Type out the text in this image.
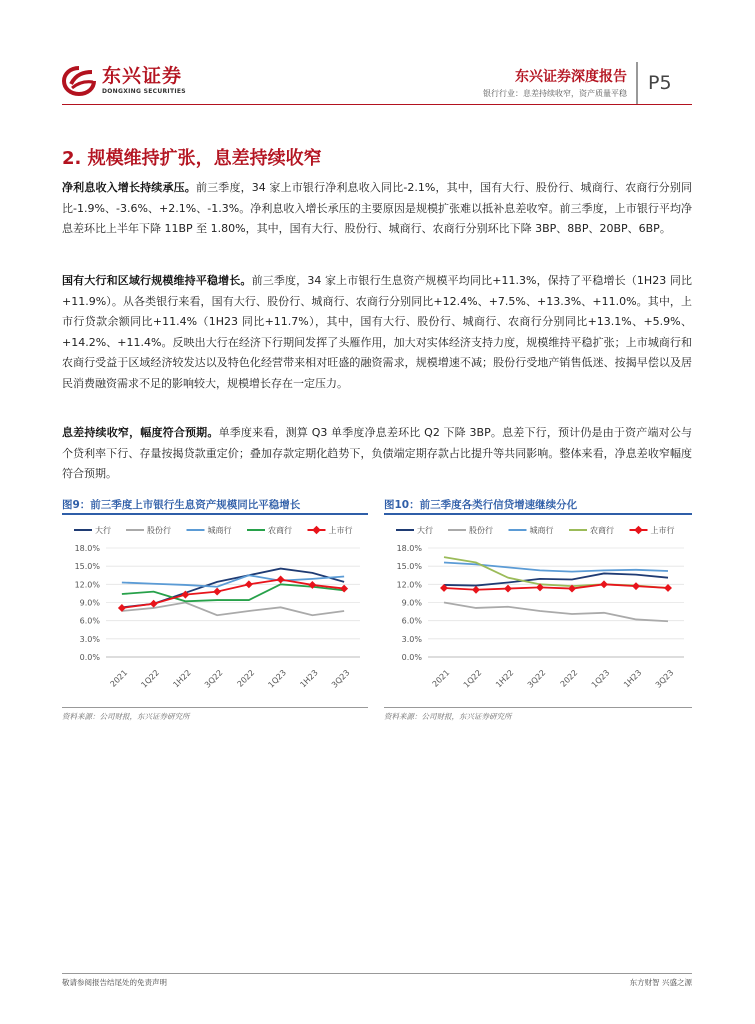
东兴证券
DONGXING SECURITIES
东兴证券深度报告
银行行业：息差持续收窄，资产质量平稳 P5
2. 规模维持扩张，息差持续收窄
净利息收入增长持续承压。前三季度，34 家上市银行净利息收入同比-2.1%，其中，国有大行、股份行、城商行、农商行分别同比-1.9%、-3.6%、+2.1%、-1.3%。净利息收入增长承压的主要原因是规模扩张难以抵补息差收窄。前三季度，上市银行平均净息差环比上半年下降 11BP 至 1.80%，其中，国有大行、股份行、城商行、农商行分别环比下降 3BP、8BP、20BP、6BP。
国有大行和区域行规模维持平稳增长。前三季度，34 家上市银行生息资产规模平均同比+11.3%，保持了平稳增长（1H23 同比+11.9%）。从各类银行来看，国有大行、股份行、城商行、农商行分别同比+12.4%、+7.5%、+13.3%、+11.0%。其中，上市行贷款余额同比+11.4%（1H23 同比+11.7%），其中，国有大行、股份行、城商行、农商行分别同比+13.1%、+5.9%、+14.2%、+11.4%。反映出大行在经济下行期间发挥了头雁作用，加大对实体经济支持力度，规模维持平稳扩张；上市城商行和农商行受益于区域经济较发达以及特色化经营带来相对旺盛的融资需求，规模增速不减；股份行受地产销售低迷、按揭早偿以及居民消费融资需求不足的影响较大，规模增长存在一定压力。
息差持续收窄，幅度符合预期。单季度来看，测算 Q3 单季度净息差环比 Q2 下降 3BP。息差下行，预计仍是由于资产端对公与个贷利率下行、存量按揭贷款重定价；叠加存款定期化趋势下，负债端定期存款占比提升等共同影响。整体来看，净息差收窄幅度符合预期。
图9：前三季度上市银行生息资产规模同比平稳增长
大行	股份行	城商行	农商行	上市行
0.0%
3.0%
6.0%
9.0%
12.0%
15.0%
18.0%
2021 1Q22 1H22 3Q22 2022 1Q23 1H23 3Q23
资料来源：公司财报，东兴证券研究所
图10：前三季度各类行信贷增速继续分化
大行	股份行	城商行	农商行	上市行
0.0%
3.0%
6.0%
9.0%
12.0%
15.0%
18.0%
2021 1Q22 1H22 3Q22 2022 1Q23 1H23 3Q23
资料来源：公司财报，东兴证券研究所
敬请参阅报告结尾处的免责声明	东方财智 兴盛之源
